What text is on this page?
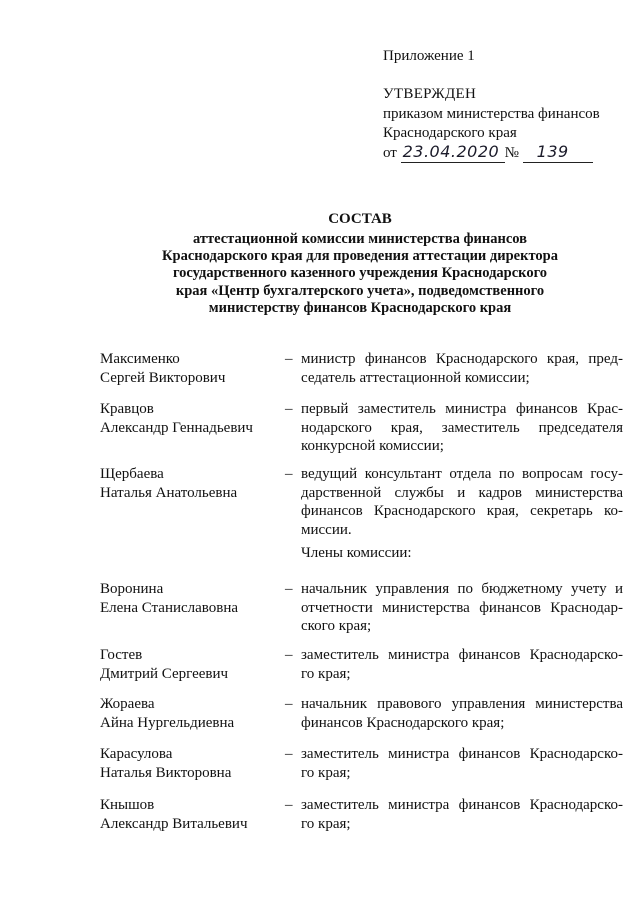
Приложение 1
УТВЕРЖДЕН
приказом министерства финансов
Краснодарского края
от 23.04.2020 № 139
СОСТАВ
аттестационной комиссии министерства финансов
Краснодарского края для проведения аттестации директора
государственного казенного учреждения Краснодарского
края «Центр бухгалтерского учета», подведомственного
министерству финансов Краснодарского края
Максименко
Сергей Викторович
– министр финансов Краснодарского края, пред-
седатель аттестационной комиссии;
Кравцов
Александр Геннадьевич
– первый заместитель министра финансов Крас-
нодарского края, заместитель председателя
конкурсной комиссии;
Щербаева
Наталья Анатольевна
– ведущий консультант отдела по вопросам госу-
дарственной службы и кадров министерства
финансов Краснодарского края, секретарь ко-
миссии.
Члены комиссии:
Воронина
Елена Станиславовна
– начальник управления по бюджетному учету и
отчетности министерства финансов Краснодар-
ского края;
Гостев
Дмитрий Сергеевич
– заместитель министра финансов Краснодарско-
го края;
Жораева
Айна Нургельдиевна
– начальник правового управления министерства
финансов Краснодарского края;
Карасулова
Наталья Викторовна
– заместитель министра финансов Краснодарско-
го края;
Кнышов
Александр Витальевич
– заместитель министра финансов Краснодарско-
го края;
